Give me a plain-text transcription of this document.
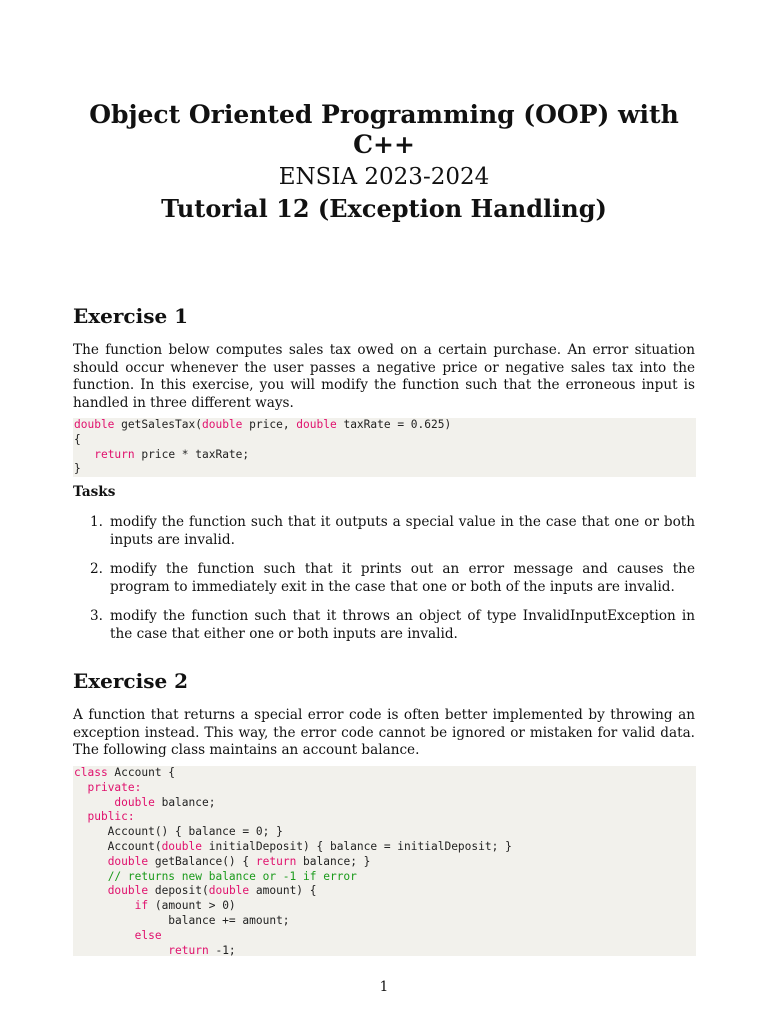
Object Oriented Programming (OOP) with
C++
ENSIA 2023-2024
Tutorial 12 (Exception Handling)
Exercise 1

The function below computes sales tax owed on a certain purchase. An error situation should occur whenever the user passes a negative price or negative sales tax into the function. In this exercise, you will modify the function such that the erroneous input is handled in three different ways.

double getSalesTax(double price, double taxRate = 0.625)
{
return price * taxRate;
}
Tasks
1. modify the function such that it outputs a special value in the case that one or both inputs are invalid.
2. modify the function such that it prints out an error message and causes the program to immediately exit in the case that one or both of the inputs are invalid.
3. modify the function such that it throws an object of type InvalidInputException in the case that either one or both inputs are invalid.
Exercise 2

A function that returns a special error code is often better implemented by throwing an exception instead. This way, the error code cannot be ignored or mistaken for valid data. The following class maintains an account balance.

class Account {
private:
double balance;
public:
Account() { balance = 0; }
Account(double initialDeposit) { balance = initialDeposit; }
double getBalance() { return balance; }
// returns new balance or -1 if error
double deposit(double amount) {
if (amount > 0)
balance += amount;
else
return -1;
1
